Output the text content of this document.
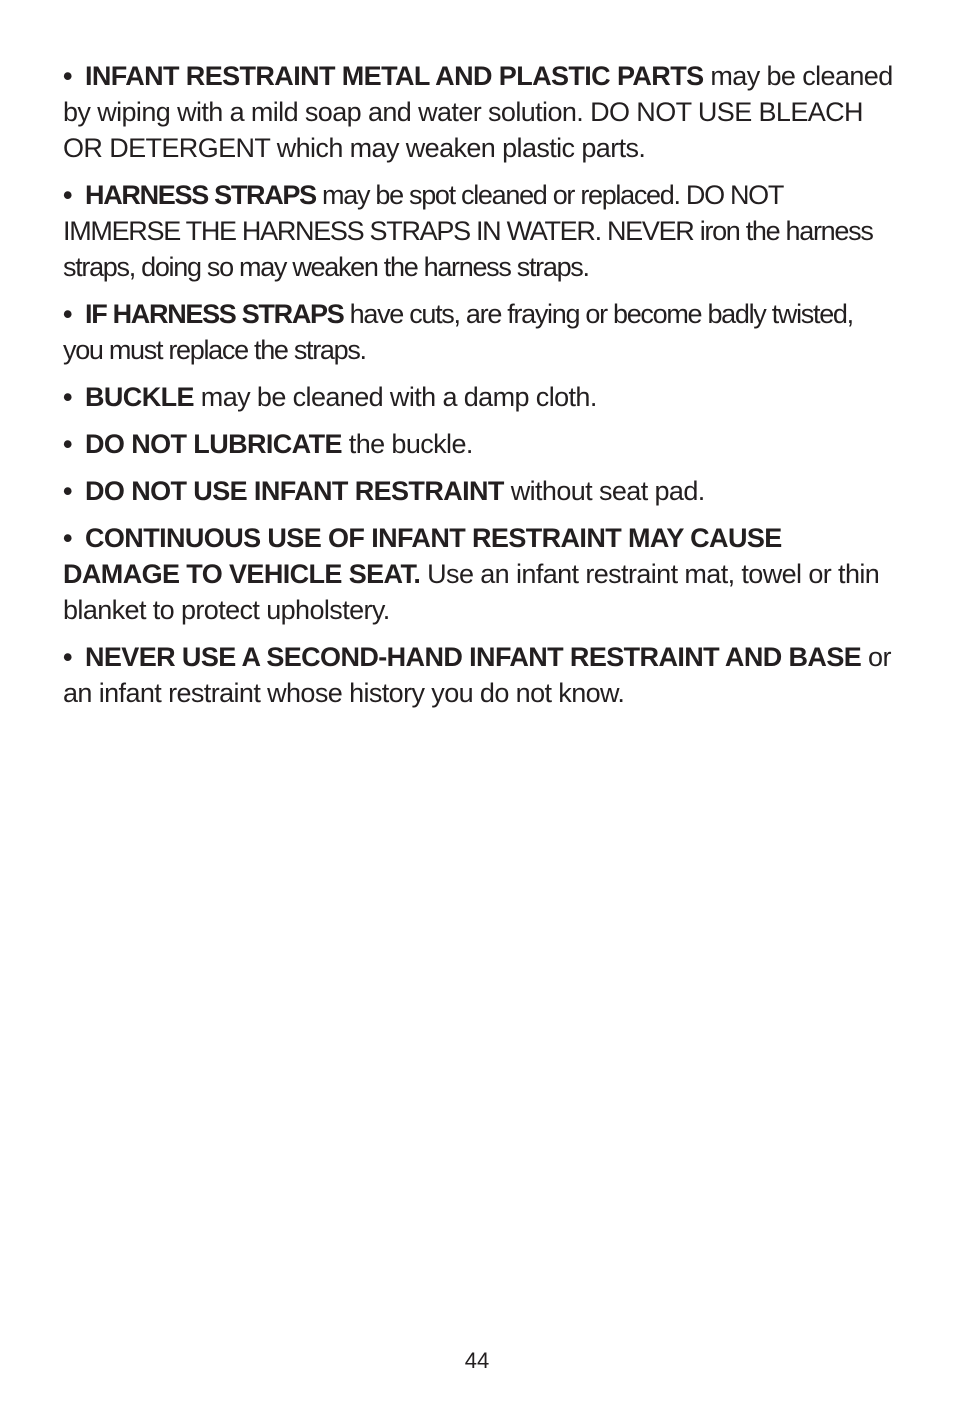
• INFANT RESTRAINT METAL AND PLASTIC PARTS may be cleaned by wiping with a mild soap and water solution. DO NOT USE BLEACH OR DETERGENT which may weaken plastic parts.

• HARNESS STRAPS may be spot cleaned or replaced. DO NOT IMMERSE THE HARNESS STRAPS IN WATER. NEVER iron the harness straps, doing so may weaken the harness straps.

• IF HARNESS STRAPS have cuts, are fraying or become badly twisted, you must replace the straps.

• BUCKLE may be cleaned with a damp cloth.

• DO NOT LUBRICATE the buckle.

• DO NOT USE INFANT RESTRAINT without seat pad.

• CONTINUOUS USE OF INFANT RESTRAINT MAY CAUSE DAMAGE TO VEHICLE SEAT. Use an infant restraint mat, towel or thin blanket to protect upholstery.

• NEVER USE A SECOND-HAND INFANT RESTRAINT AND BASE or an infant restraint whose history you do not know.

44
